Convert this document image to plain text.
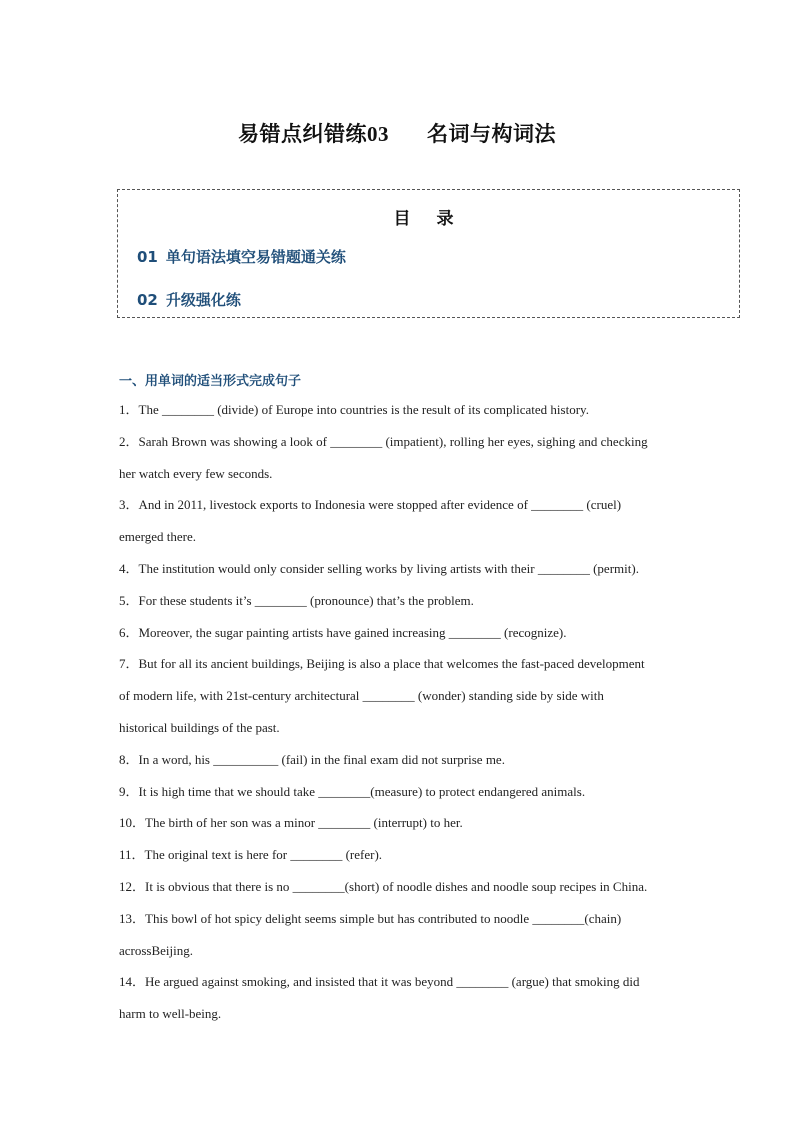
易错点纠错练03 名词与构词法
目 录
01 单句语法填空易错题通关练
02 升级强化练
一、用单词的适当形式完成句子
1．The ________ (divide) of Europe into countries is the result of its complicated history.
2．Sarah Brown was showing a look of ________ (impatient), rolling her eyes, sighing and checking
her watch every few seconds.
3．And in 2011, livestock exports to Indonesia were stopped after evidence of ________ (cruel)
emerged there.
4．The institution would only consider selling works by living artists with their ________ (permit).
5．For these students it’s ________ (pronounce) that’s the problem.
6．Moreover, the sugar painting artists have gained increasing ________ (recognize).
7．But for all its ancient buildings, Beijing is also a place that welcomes the fast-paced development
of modern life, with 21st-century architectural ________ (wonder) standing side by side with
historical buildings of the past.
8．In a word, his __________ (fail) in the final exam did not surprise me.
9．It is high time that we should take ________(measure) to protect endangered animals.
10．The birth of her son was a minor ________ (interrupt) to her.
11．The original text is here for ________ (refer).
12．It is obvious that there is no ________(short) of noodle dishes and noodle soup recipes in China.
13．This bowl of hot spicy delight seems simple but has contributed to noodle ________(chain)
acrossBeijing.
14．He argued against smoking, and insisted that it was beyond ________ (argue) that smoking did
harm to well-being.
